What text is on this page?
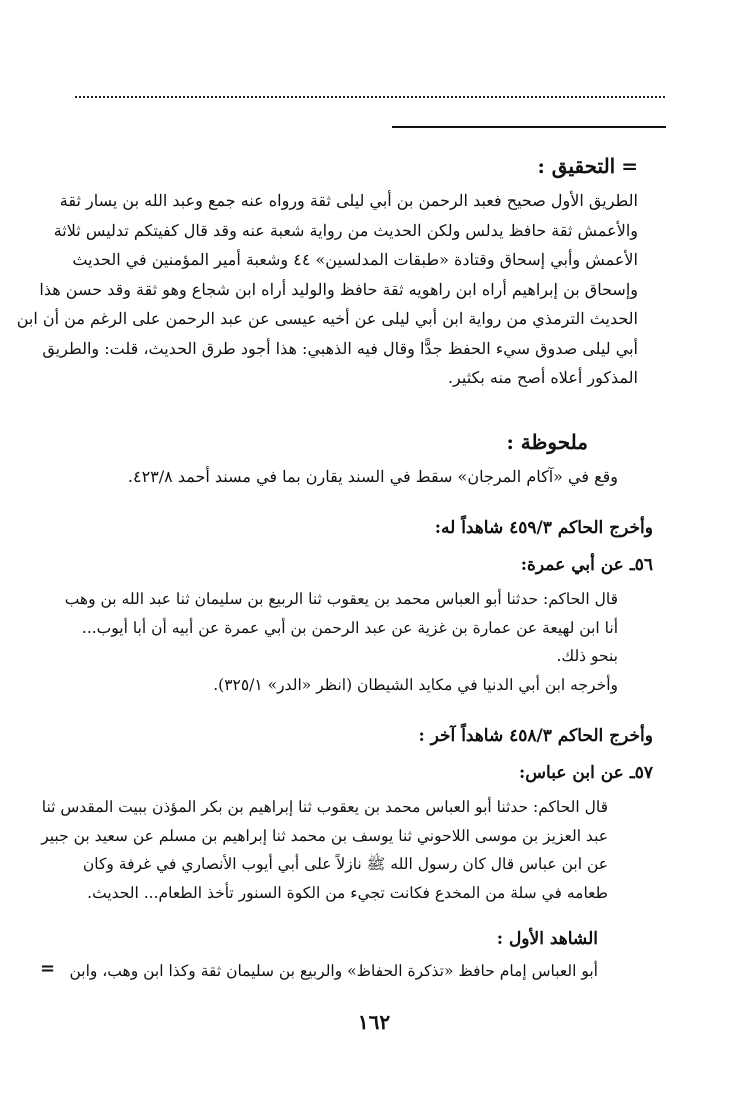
=التحقيق :
الطريق الأول صحيح فعبد الرحمن بن أبي ليلى ثقة ورواه عنه جمع وعبد الله بن يسار ثقة
والأعمش ثقة حافظ يدلس ولكن الحديث من رواية شعبة عنه وقد قال كفيتكم تدليس ثلاثة
الأعمش وأبي إسحاق وقتادة «طبقات المدلسين» ٤٤ وشعبة أمير المؤمنين في الحديث
وإسحاق بن إبراهيم أراه ابن راهويه ثقة حافظ والوليد أراه ابن شجاع وهو ثقة وقد حسن هذا
الحديث الترمذي من رواية ابن أبي ليلى عن أخيه عيسى عن عبد الرحمن على الرغم من أن ابن
أبي ليلى صدوق سيء الحفظ جدًّا وقال فيه الذهبي: هذا أجود طرق الحديث، قلت: والطريق
المذكور أعلاه أصح منه بكثير.
ملحوظة :
وقع في «آكام المرجان» سقط في السند يقارن بما في مسند أحمد ٤٢٣/٨.
وأخرج الحاكم ٤٥٩/٣ شاهداً له:
٥٦ـ عن أبي عمرة:
قال الحاكم: حدثنا أبو العباس محمد بن يعقوب ثنا الربيع بن سليمان ثنا عبد الله بن وهب
أنا ابن لهيعة عن عمارة بن غزية عن عبد الرحمن بن أبي عمرة عن أبيه أن أبا أيوب...
بنحو ذلك.
وأخرجه ابن أبي الدنيا في مكايد الشيطان (انظر «الدر» ٣٢٥/١).
وأخرج الحاكم ٤٥٨/٣ شاهداً آخر :
٥٧ـ عن ابن عباس:
قال الحاكم: حدثنا أبو العباس محمد بن يعقوب ثنا إبراهيم بن بكر المؤذن ببيت المقدس ثنا
عبد العزيز بن موسى اللاحوني ثنا يوسف بن محمد ثنا إبراهيم بن مسلم عن سعيد بن جبير
عن ابن عباس قال كان رسول الله ﷺ نازلاً على أبي أيوب الأنصاري في غرفة وكان
طعامه في سلة من المخدع فكانت تجيء من الكوة السنور تأخذ الطعام... الحديث.
الشاهد الأول :
أبو العباس إمام حافظ «تذكرة الحفاظ» والربيع بن سليمان ثقة وكذا ابن وهب، وابن
=
١٦٢
